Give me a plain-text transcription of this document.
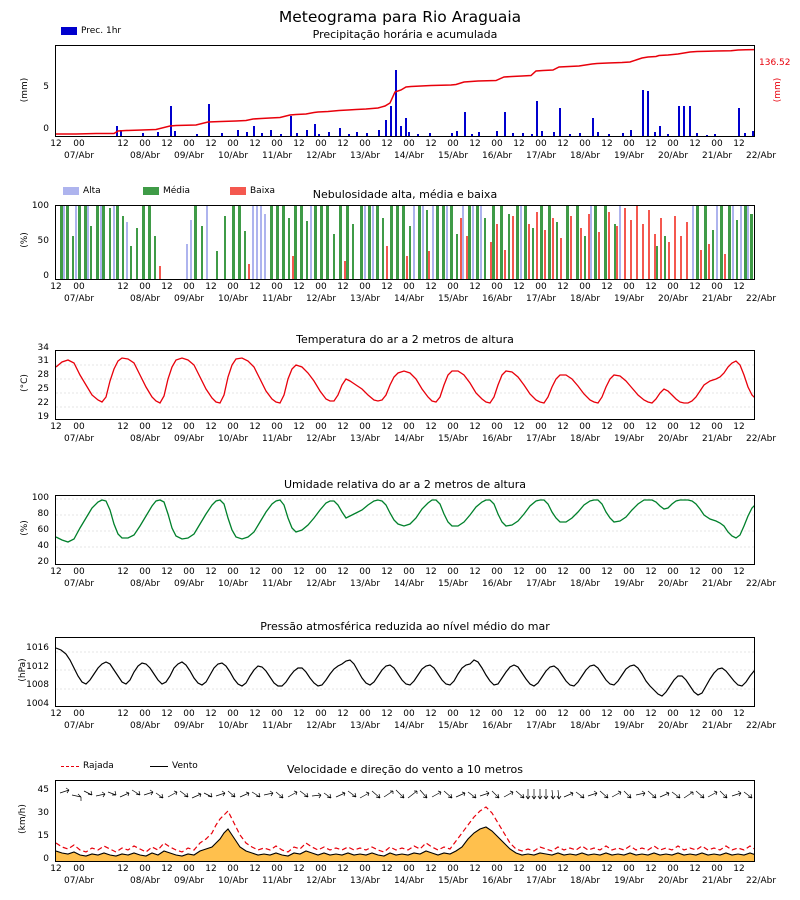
Meteograma para Rio Araguaia
Precipitação horária e acumulada
Prec. 1hr
(mm)
0
5
136.52
(mm)
12	00	12	00	12	00	12	00	12	00	12	00	12	00	12	00	12	00	12	00	12	00	12	00	12	00	12	00	12	00	12
07/Abr	08/Abr	09/Abr	10/Abr	11/Abr	12/Abr	13/Abr	14/Abr	15/Abr	16/Abr	17/Abr	18/Abr	19/Abr	20/Abr	21/Abr	22/Abr
Nebulosidade alta, média e baixa
Alta	Média	Baixa
(%)
0
50
100
12	00	12	00	12	00	12	00	12	00	12	00	12	00	12	00	12	00	12	00	12	00	12	00	12	00	12	00	12	00	12
07/Abr	08/Abr	09/Abr	10/Abr	11/Abr	12/Abr	13/Abr	14/Abr	15/Abr	16/Abr	17/Abr	18/Abr	19/Abr	20/Abr	21/Abr	22/Abr
Temperatura do ar a 2 metros de altura
(°C)
19
22
25
28
31
34
12	00	12	00	12	00	12	00	12	00	12	00	12	00	12	00	12	00	12	00	12	00	12	00	12	00	12	00	12	00	12
07/Abr	08/Abr	09/Abr	10/Abr	11/Abr	12/Abr	13/Abr	14/Abr	15/Abr	16/Abr	17/Abr	18/Abr	19/Abr	20/Abr	21/Abr	22/Abr
Umidade relativa do ar a 2 metros de altura
(%)
20
40
60
80
100
12	00	12	00	12	00	12	00	12	00	12	00	12	00	12	00	12	00	12	00	12	00	12	00	12	00	12	00	12	00	12
07/Abr	08/Abr	09/Abr	10/Abr	11/Abr	12/Abr	13/Abr	14/Abr	15/Abr	16/Abr	17/Abr	18/Abr	19/Abr	20/Abr	21/Abr	22/Abr
Pressão atmosférica reduzida ao nível médio do mar
(hPa)
1004
1008
1012
1016
12	00	12	00	12	00	12	00	12	00	12	00	12	00	12	00	12	00	12	00	12	00	12	00	12	00	12	00	12	00	12
07/Abr	08/Abr	09/Abr	10/Abr	11/Abr	12/Abr	13/Abr	14/Abr	15/Abr	16/Abr	17/Abr	18/Abr	19/Abr	20/Abr	21/Abr	22/Abr
Velocidade e direção do vento a 10 metros
Rajada	Vento
(km/h)
0
15
30
45
12	00	12	00	12	00	12	00	12	00	12	00	12	00	12	00	12	00	12	00	12	00	12	00	12	00	12	00	12	00	12
07/Abr	08/Abr	09/Abr	10/Abr	11/Abr	12/Abr	13/Abr	14/Abr	15/Abr	16/Abr	17/Abr	18/Abr	19/Abr	20/Abr	21/Abr	22/Abr
